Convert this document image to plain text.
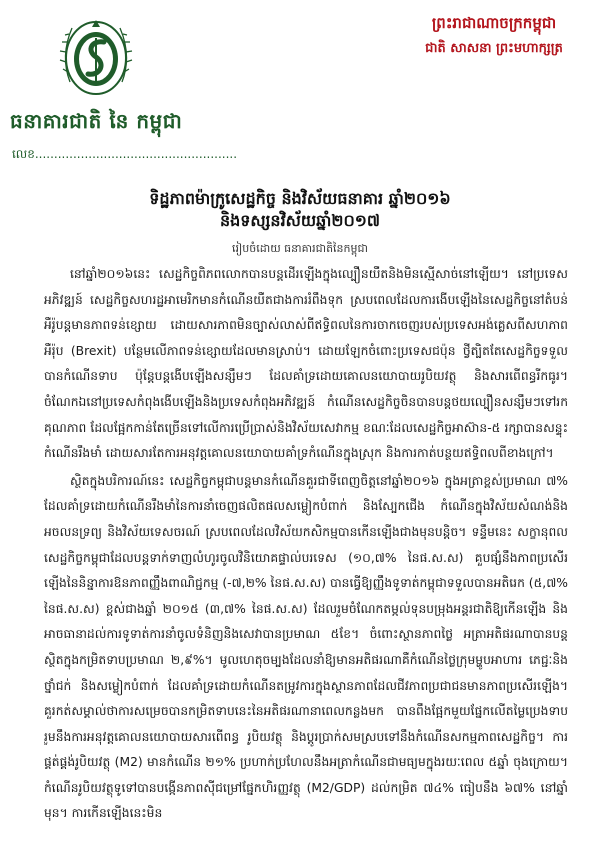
ធនាគារជាតិ នៃ កម្ពុជា
លេខ.....................................................
ព្រះរាជាណាចក្រកម្ពុជា
ជាតិ សាសនា ព្រះមហាក្សត្រ
ទិដ្ឋភាពម៉ាក្រូសេដ្ឋកិច្ច និងវិស័យធនាគារ ឆ្នាំ២០១៦
និងទស្សនវិស័យឆ្នាំ២០១៧
រៀបចំដោយ ធនាគារជាតិនៃកម្ពុជា

នៅឆ្នាំ២០១៦នេះ សេដ្ឋកិច្ចពិភពលោកបានបន្តដើរឡើងក្នុងល្បឿនយឺតនិងមិនស្មើសាច់នៅឡើយ។ នៅប្រទេសអភិវឌ្ឍន៍ សេដ្ឋកិច្ចសហរដ្ឋអាមេរិកមានកំណើនយឺតជាងការរំពឹងទុក ស្របពេលដែលការងើបឡើងនៃសេដ្ឋកិច្ចនៅតំបន់អឺរ៉ូបន្តមានភាពទន់ខ្សោយ ដោយសារភាពមិនច្បាស់លាស់ពីឥទ្ធិពលនៃការចាកចេញរបស់ប្រទេសអង់គ្លេសពីសហភាពអឺរ៉ុប (Brexit) បន្ថែមលើភាពទន់ខ្សោយដែលមានស្រាប់។ ដោយឡែកចំពោះប្រទេសជប៉ុន ថ្វីត្បិតតែសេដ្ឋកិច្ចទទួលបានកំណើនទាប ប៉ុន្តែបន្តងើបឡើងសន្សឹមៗ ដែលគាំទ្រដោយគោលនយោបាយរូបិយវត្ថុ និងសារពើពន្ធរីកធូរ។ ចំណែកឯនៅប្រទេសកំពុងងើបឡើងនិងប្រទេសកំពុងអភិវឌ្ឍន៍ កំណើនសេដ្ឋកិច្ចចិនបានបន្តថយល្បឿនសន្សឹមៗទៅរកគុណភាព ដែលផ្អែកកាន់តែច្រើនទៅលើការប្រើប្រាស់និងវិស័យសេវាកម្ម ខណៈដែលសេដ្ឋកិច្ចអាស៊ាន-៥ រក្សាបានសន្ទុះកំណើនរឹងមាំ ដោយសារតែការអនុវត្តគោលនយោបាយគាំទ្រកំណើនក្នុងស្រុក និងការកាត់បន្ថយឥទ្ធិពលពីខាងក្រៅ។

ស្ថិតក្នុងបរិការណ៍នេះ សេដ្ឋកិច្ចកម្ពុជាបន្តមានកំណើនគួរជាទីពេញចិត្តនៅឆ្នាំ២០១៦ ក្នុងអត្រាខ្ពស់ប្រមាណ ៧% ដែលគាំទ្រដោយកំណើនរឹងមាំនៃការនាំចេញផលិតផលសម្លៀកបំពាក់ និងស្បែកជើង កំណើនក្នុងវិស័យសំណង់និងអចលនទ្រព្យ និងវិស័យទេសចរណ៍ ស្របពេលដែលវិស័យកសិកម្មបានកើនឡើងជាងមុនបន្តិច។ ទន្ទឹមនេះ សក្ខានុពលសេដ្ឋកិច្ចកម្ពុជាដែលបន្តទាក់ទាញលំហូរចូលវិនិយោគផ្ទាល់បរទេស (១០,៧% នៃផ.ស.ស) គួបផ្សំនឹងភាពប្រសើរឡើងនៃនិន្នាការឱនភាពញ្ញឹងពាណិជ្ជកម្ម (-៧,២% នៃផ.ស.ស) បានធ្វើឱ្យញ្ញឹងទូទាត់កម្ពុជាទទួលបានអតិរេក (៥,៧% នៃផ.ស.ស) ខ្ពស់ជាងឆ្នាំ ២០១៥ (៣,៧% នៃផ.ស.ស) ដែលរួមចំណែកតម្កល់ទុនបម្រុងអន្តរជាតិឱ្យកើនឡើង និងអាចធានាដល់ការទូទាត់ការនាំចូលទំនិញនិងសេវាបានប្រមាណ ៥ខែ។ ចំពោះស្ថានភាពថ្លៃ អត្រាអតិផរណាបានបន្តស្ថិតក្នុងកម្រិតទាបប្រមាណ ២,៩%។ មូលហេតុចម្បងដែលនាំឱ្យមានអតិផរណាគឺកំណើនថ្លៃក្រុមម្ហូបអាហារ ភេជ្ជៈនិងថ្នាំជក់ និងសម្លៀកបំពាក់ ដែលគាំទ្រដោយកំណើនតម្រូវការក្នុងស្ថានភាពដែលជីវភាពប្រជាជនមានភាពប្រសើរឡើង។ គួរកត់សម្គាល់ថាការសម្រេចបានកម្រិតទាបនេះនៃអតិផរណានាពេលកន្លងមក បានពឹងផ្អែកមួយផ្នែកលើតម្លៃប្រេងទាបរួមនឹងការអនុវត្តគោលនយោបាយសារពើពន្ធ រូបិយវត្ថុ និងប្តូរប្រាក់សមស្របទៅនឹងកំណើនសកម្មភាពសេដ្ឋកិច្ច។ ការផ្គត់ផ្គង់រូបិយវត្ថុ (M2) មានកំណើន ២១% ប្រហាក់ប្រហែលនឹងអត្រាកំណើនជាមធ្យមក្នុងរយៈពេល ៥ឆ្នាំ ចុងក្រោយ។ កំណើនរូបិយវត្ថុទូទៅបានបង្កើនភាពស៊ីជម្រៅផ្នែកហិរញ្ញវត្ថុ (M2/GDP) ដល់កម្រិត ៧៤% ធៀបនឹង ៦៧% នៅឆ្នាំមុន។ ការកើនឡើងនេះមិន
